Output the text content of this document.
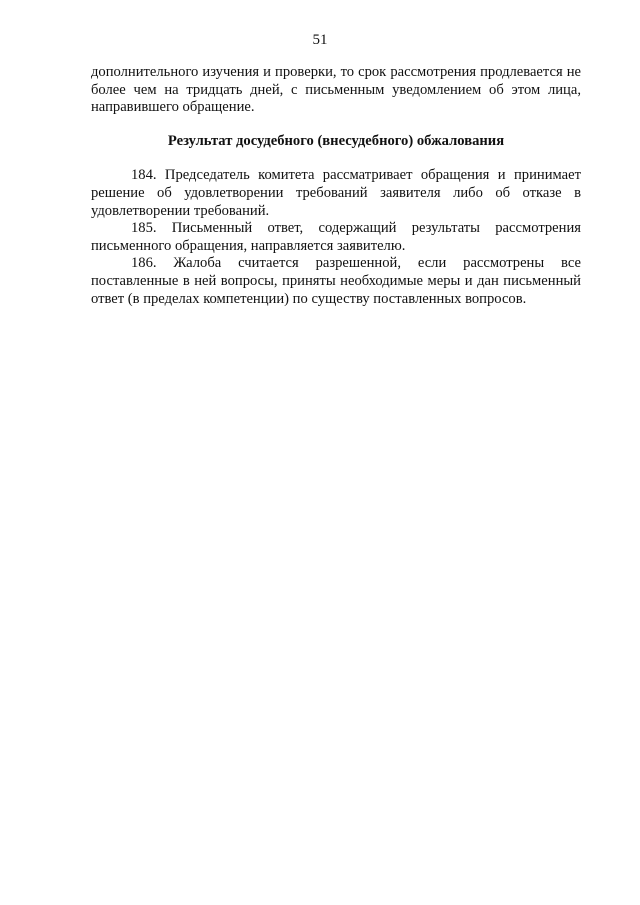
51

дополнительного изучения и проверки, то срок рассмотрения продлевается не более чем на тридцать дней, с письменным уведомлением об этом лица, направившего обращение.

Результат досудебного (внесудебного) обжалования

184. Председатель комитета рассматривает обращения и принимает решение об удовлетворении требований заявителя либо об отказе в удовлетворении требований.

185. Письменный ответ, содержащий результаты рассмотрения письменного обращения, направляется заявителю.

186. Жалоба считается разрешенной, если рассмотрены все поставленные в ней вопросы, приняты необходимые меры и дан письменный ответ (в пределах компетенции) по существу поставленных вопросов.
